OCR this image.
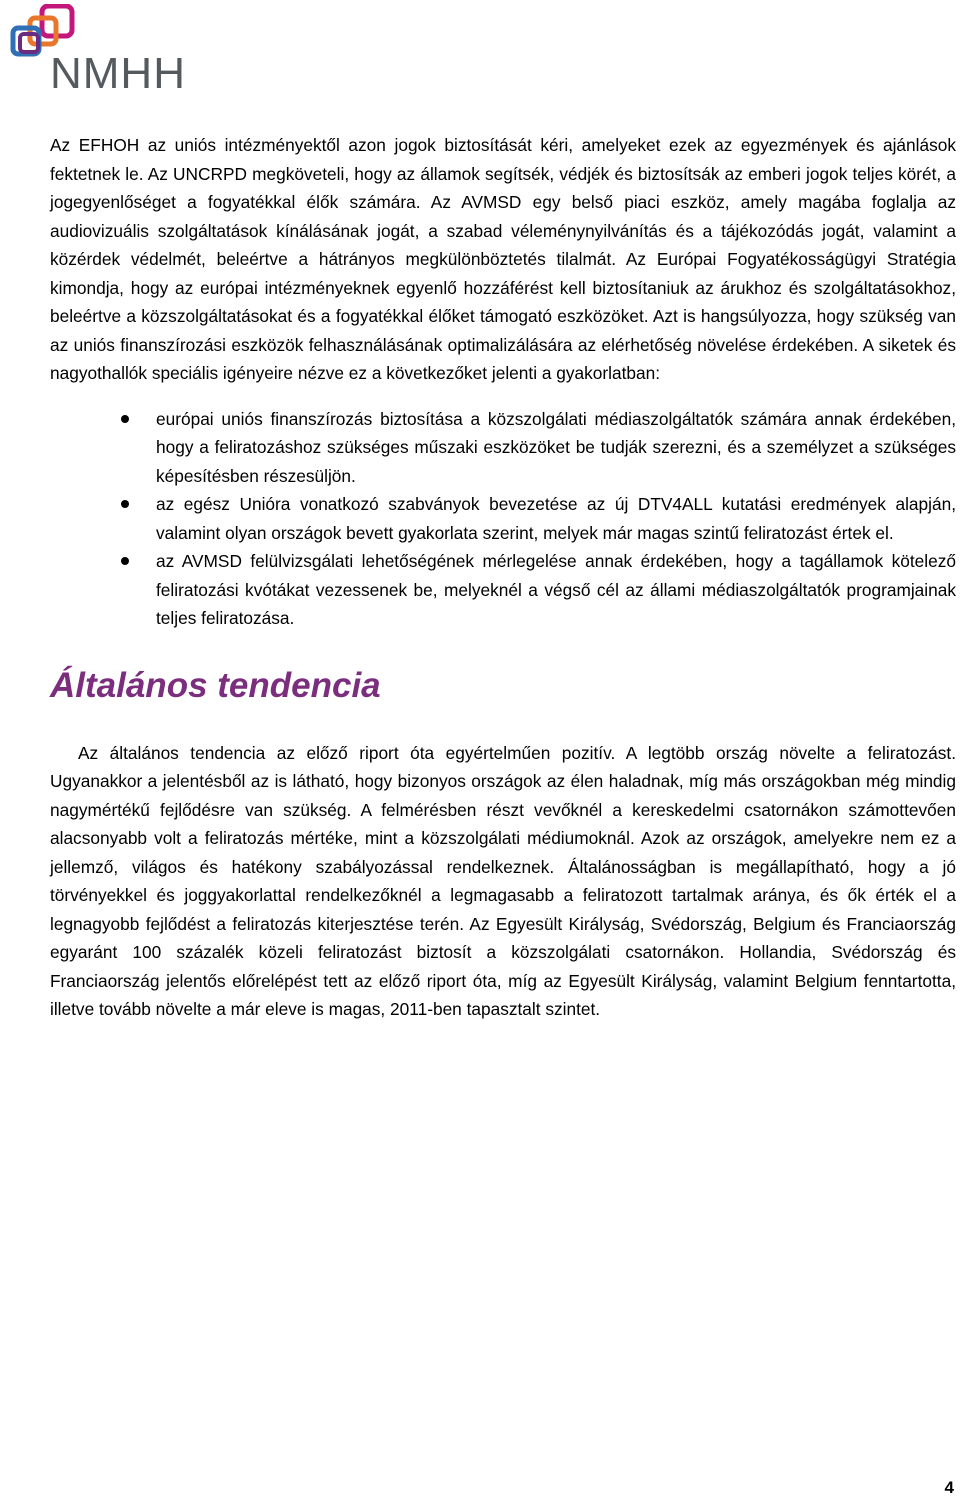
NMHH

Az EFHOH az uniós intézményektől azon jogok biztosítását kéri, amelyeket ezek az egyezmények és ajánlások fektetnek le. Az UNCRPD megköveteli, hogy az államok segítsék, védjék és biztosítsák az emberi jogok teljes körét, a jogegyenlőséget a fogyatékkal élők számára. Az AVMSD egy belső piaci eszköz, amely magába foglalja az audiovizuális szolgáltatások kínálásának jogát, a szabad véleménynyilvánítás és a tájékozódás jogát, valamint a közérdek védelmét, beleértve a hátrányos megkülönböztetés tilalmát. Az Európai Fogyatékosságügyi Stratégia kimondja, hogy az európai intézményeknek egyenlő hozzáférést kell biztosítaniuk az árukhoz és szolgáltatásokhoz, beleértve a közszolgáltatásokat és a fogyatékkal élőket támogató eszközöket. Azt is hangsúlyozza, hogy szükség van az uniós finanszírozási eszközök felhasználásának optimalizálására az elérhetőség növelése érdekében. A siketek és nagyothallók speciális igényeire nézve ez a következőket jelenti a gyakorlatban:

európai uniós finanszírozás biztosítása a közszolgálati médiaszolgáltatók számára annak érdekében, hogy a feliratozáshoz szükséges műszaki eszközöket be tudják szerezni, és a személyzet a szükséges képesítésben részesüljön.
az egész Unióra vonatkozó szabványok bevezetése az új DTV4ALL kutatási eredmények alapján, valamint olyan országok bevett gyakorlata szerint, melyek már magas szintű feliratozást értek el.
az AVMSD felülvizsgálati lehetőségének mérlegelése annak érdekében, hogy a tagállamok kötelező feliratozási kvótákat vezessenek be, melyeknél a végső cél az állami médiaszolgáltatók programjainak teljes feliratozása.
Általános tendencia

Az általános tendencia az előző riport óta egyértelműen pozitív. A legtöbb ország növelte a feliratozást. Ugyanakkor a jelentésből az is látható, hogy bizonyos országok az élen haladnak, míg más országokban még mindig nagymértékű fejlődésre van szükség. A felmérésben részt vevőknél a kereskedelmi csatornákon számottevően alacsonyabb volt a feliratozás mértéke, mint a közszolgálati médiumoknál. Azok az országok, amelyekre nem ez a jellemző, világos és hatékony szabályozással rendelkeznek. Általánosságban is megállapítható, hogy a jó törvényekkel és joggyakorlattal rendelkezőknél a legmagasabb a feliratozott tartalmak aránya, és ők érték el a legnagyobb fejlődést a feliratozás kiterjesztése terén. Az Egyesült Királyság, Svédország, Belgium és Franciaország egyaránt 100 százalék közeli feliratozást biztosít a közszolgálati csatornákon. Hollandia, Svédország és Franciaország jelentős előrelépést tett az előző riport óta, míg az Egyesült Királyság, valamint Belgium fenntartotta, illetve tovább növelte a már eleve is magas, 2011-ben tapasztalt szintet.

4
